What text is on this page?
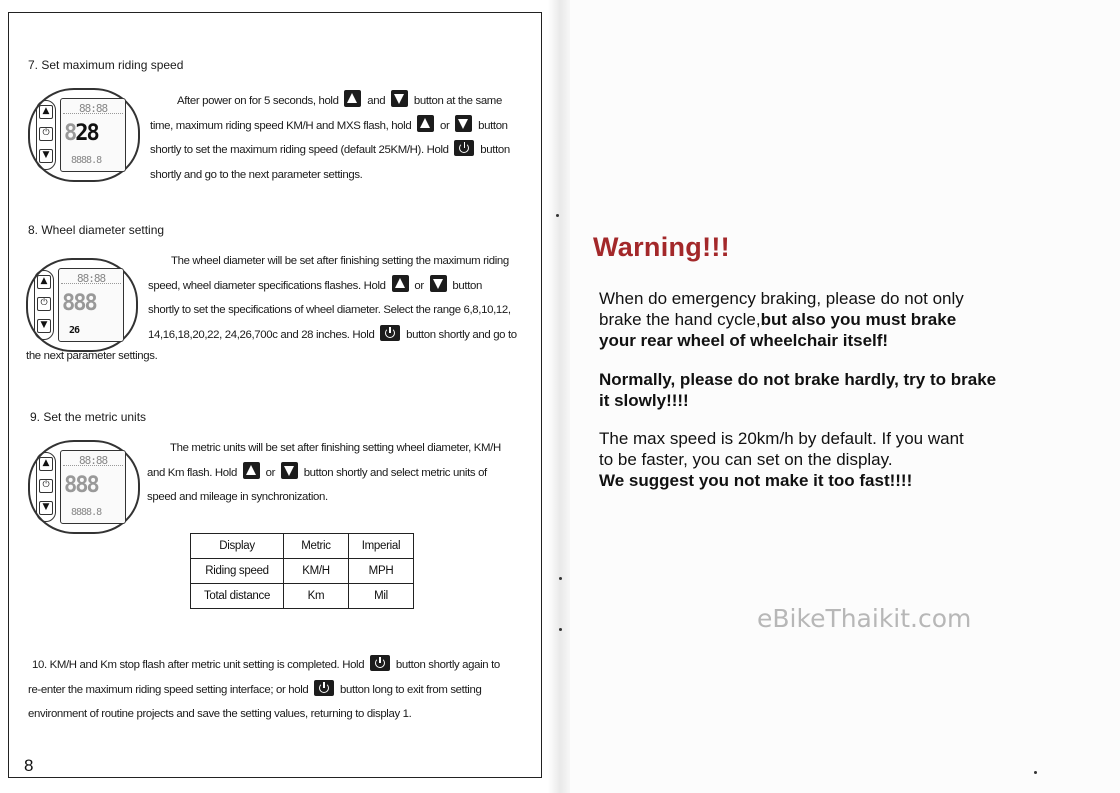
7. Set maximum riding speed
▲
⏻
▼
88:88
828
8888.8
After power on for 5 seconds, hold	and	button at the same
time, maximum riding speed KM/H and MXS flash, hold	or	button
shortly to set the maximum riding speed (default 25KM/H). Hold	button
shortly and go to the next parameter settings.
8. Wheel diameter setting
▲
⏻
▼
88:88
888
26
The wheel diameter will be set after finishing setting the maximum riding
speed, wheel diameter specifications flashes. Hold	or	button
shortly to set the specifications of wheel diameter. Select the range 6,8,10,12,
14,16,18,20,22, 24,26,700c and 28 inches. Hold	button shortly and go to
the next parameter settings.
9. Set the metric units
▲
⏻
▼
88:88
888
8888.8
The metric units will be set after finishing setting wheel diameter, KM/H
and Km flash. Hold	or	button shortly and select metric units of
speed and mileage in synchronization.
Display	Metric	Imperial
Riding speed	KM/H	MPH
Total distance	Km	Mil
10. KM/H and Km stop flash after metric unit setting is completed. Hold	button shortly again to
re-enter the maximum riding speed setting interface; or hold	button long to exit from setting
environment of routine projects and save the setting values, returning to display 1.
8
Warning!!!
When do emergency braking, please do not only
brake the hand cycle,but also you must brake
your rear wheel of wheelchair itself!
Normally, please do not brake hardly, try to brake
it slowly!!!!
The max speed is 20km/h by default. If you want
to be faster, you can set on the display.
We suggest you not make it too fast!!!!
eBikeThaikit.com
